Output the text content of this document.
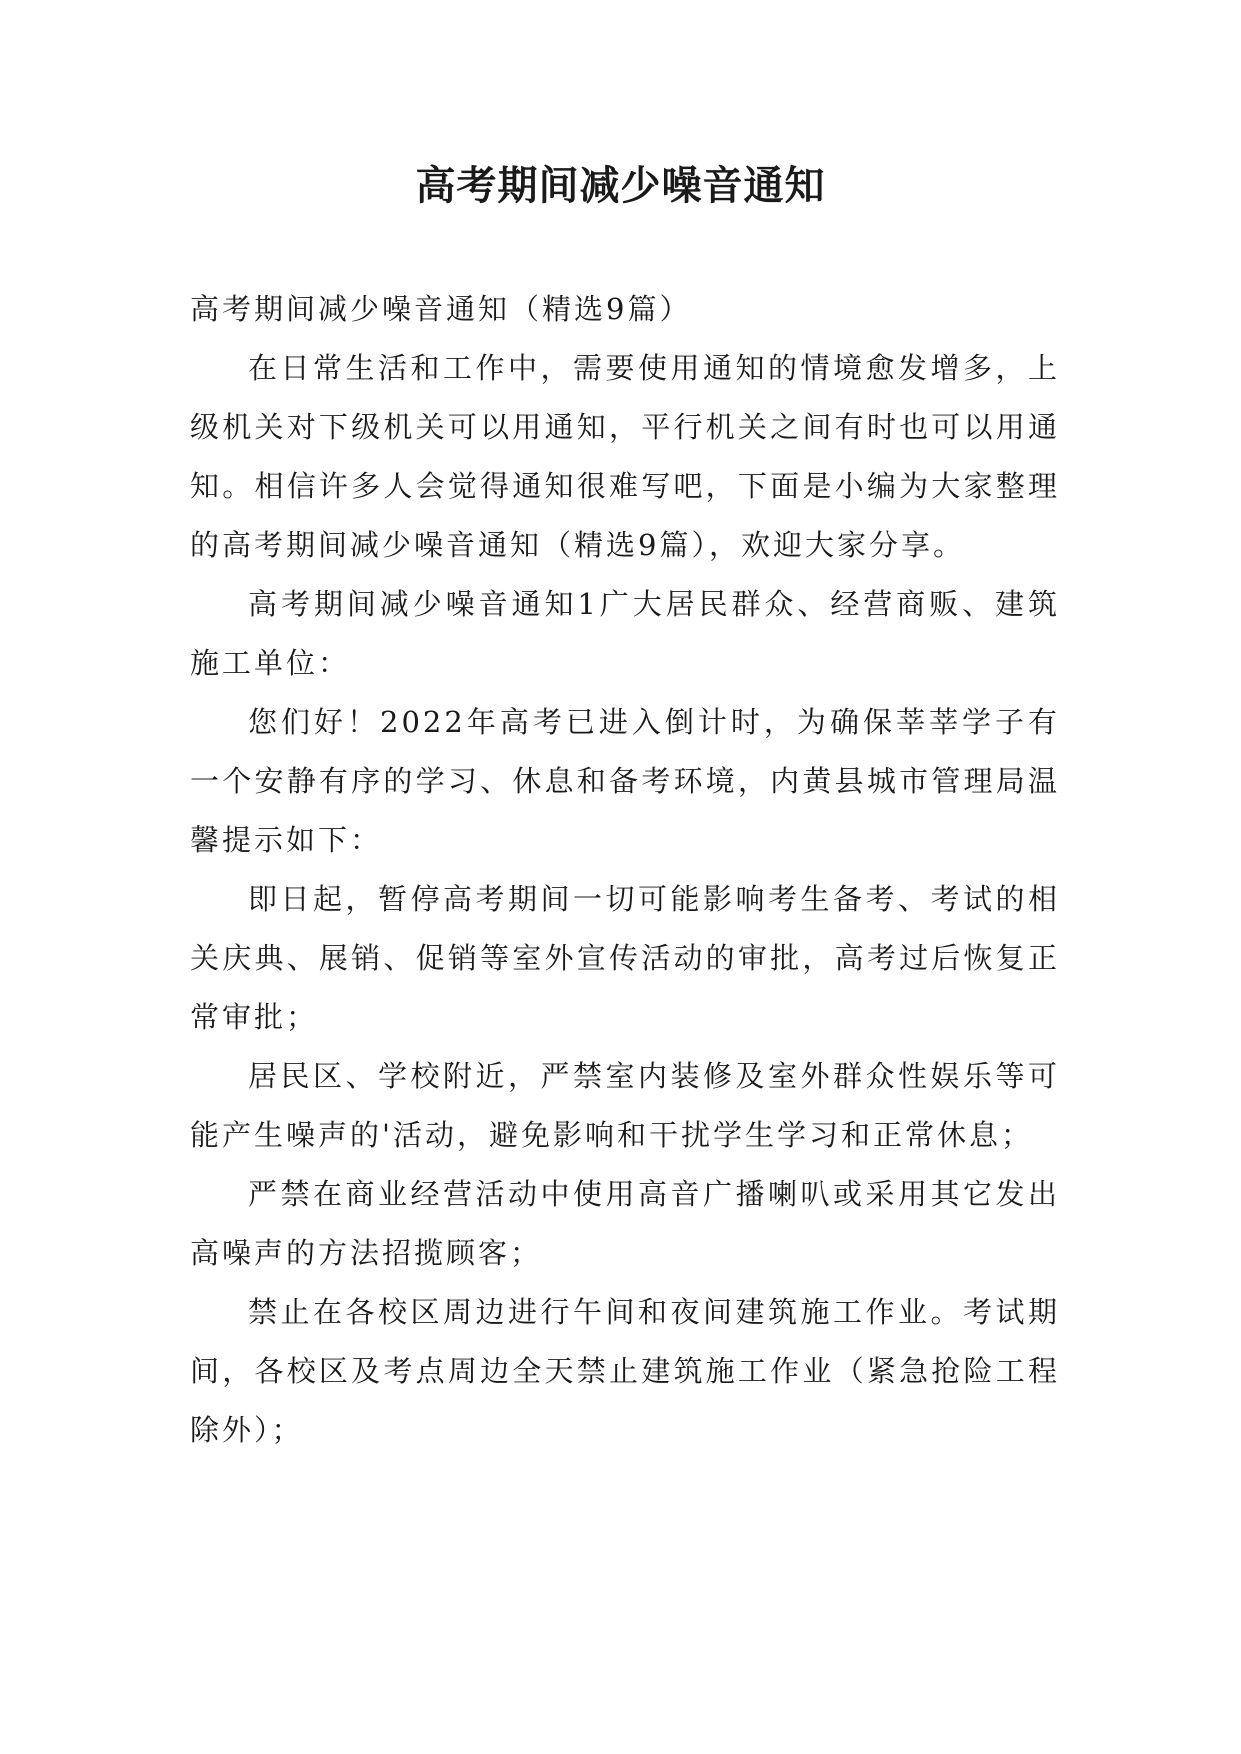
高考期间减少噪音通知

高考期间减少噪音通知（精选9篇）

在日常生活和工作中，需要使用通知的情境愈发增多，上级机关对下级机关可以用通知，平行机关之间有时也可以用通知。相信许多人会觉得通知很难写吧，下面是小编为大家整理的高考期间减少噪音通知（精选9篇），欢迎大家分享。

高考期间减少噪音通知1广大居民群众、经营商贩、建筑施工单位：

您们好！2022年高考已进入倒计时，为确保莘莘学子有一个安静有序的学习、休息和备考环境，内黄县城市管理局温馨提示如下：

即日起，暂停高考期间一切可能影响考生备考、考试的相关庆典、展销、促销等室外宣传活动的审批，高考过后恢复正常审批；

居民区、学校附近，严禁室内装修及室外群众性娱乐等可能产生噪声的'活动，避免影响和干扰学生学习和正常休息；

严禁在商业经营活动中使用高音广播喇叭或采用其它发出高噪声的方法招揽顾客；

禁止在各校区周边进行午间和夜间建筑施工作业。考试期间，各校区及考点周边全天禁止建筑施工作业（紧急抢险工程除外）；
